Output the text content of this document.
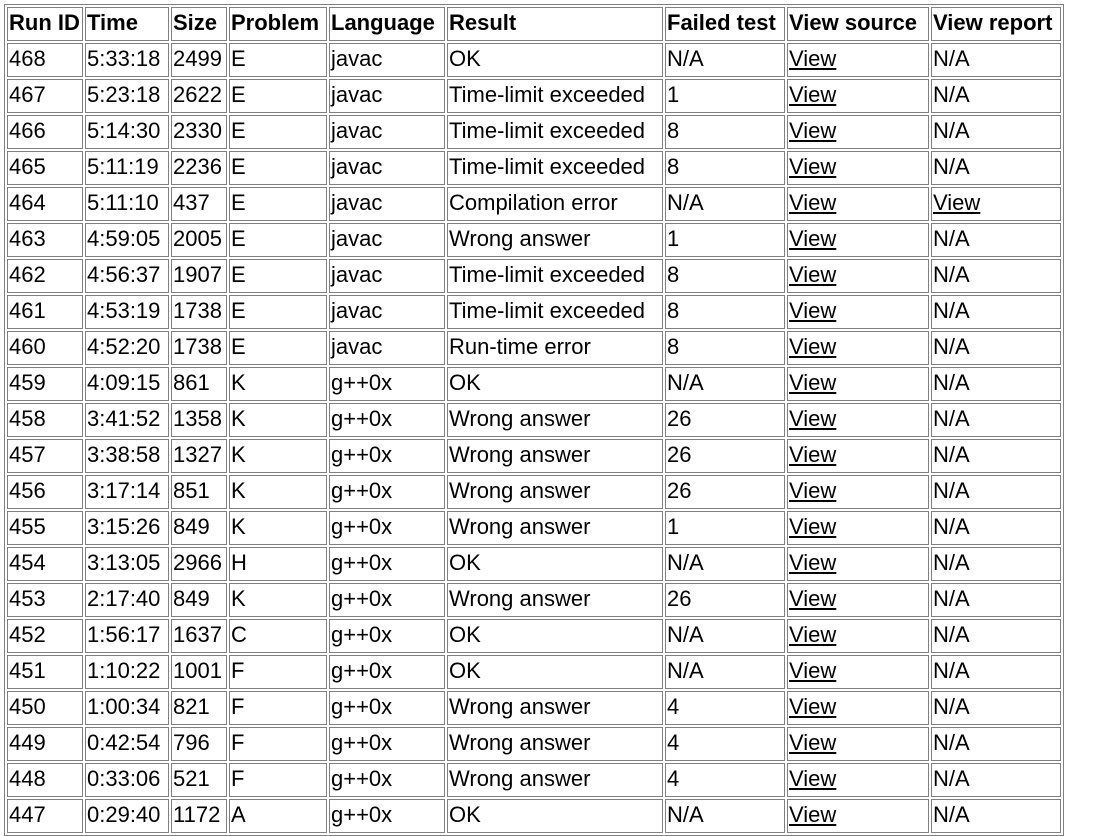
Run ID	Time	Size	Problem	Language	Result	Failed test	View source	View report
468	5:33:18	2499	E	javac	OK	N/A	View	N/A
467	5:23:18	2622	E	javac	Time-limit exceeded	1	View	N/A
466	5:14:30	2330	E	javac	Time-limit exceeded	8	View	N/A
465	5:11:19	2236	E	javac	Time-limit exceeded	8	View	N/A
464	5:11:10	437	E	javac	Compilation error	N/A	View	View
463	4:59:05	2005	E	javac	Wrong answer	1	View	N/A
462	4:56:37	1907	E	javac	Time-limit exceeded	8	View	N/A
461	4:53:19	1738	E	javac	Time-limit exceeded	8	View	N/A
460	4:52:20	1738	E	javac	Run-time error	8	View	N/A
459	4:09:15	861	K	g++0x	OK	N/A	View	N/A
458	3:41:52	1358	K	g++0x	Wrong answer	26	View	N/A
457	3:38:58	1327	K	g++0x	Wrong answer	26	View	N/A
456	3:17:14	851	K	g++0x	Wrong answer	26	View	N/A
455	3:15:26	849	K	g++0x	Wrong answer	1	View	N/A
454	3:13:05	2966	H	g++0x	OK	N/A	View	N/A
453	2:17:40	849	K	g++0x	Wrong answer	26	View	N/A
452	1:56:17	1637	C	g++0x	OK	N/A	View	N/A
451	1:10:22	1001	F	g++0x	OK	N/A	View	N/A
450	1:00:34	821	F	g++0x	Wrong answer	4	View	N/A
449	0:42:54	796	F	g++0x	Wrong answer	4	View	N/A
448	0:33:06	521	F	g++0x	Wrong answer	4	View	N/A
447	0:29:40	1172	A	g++0x	OK	N/A	View	N/A
